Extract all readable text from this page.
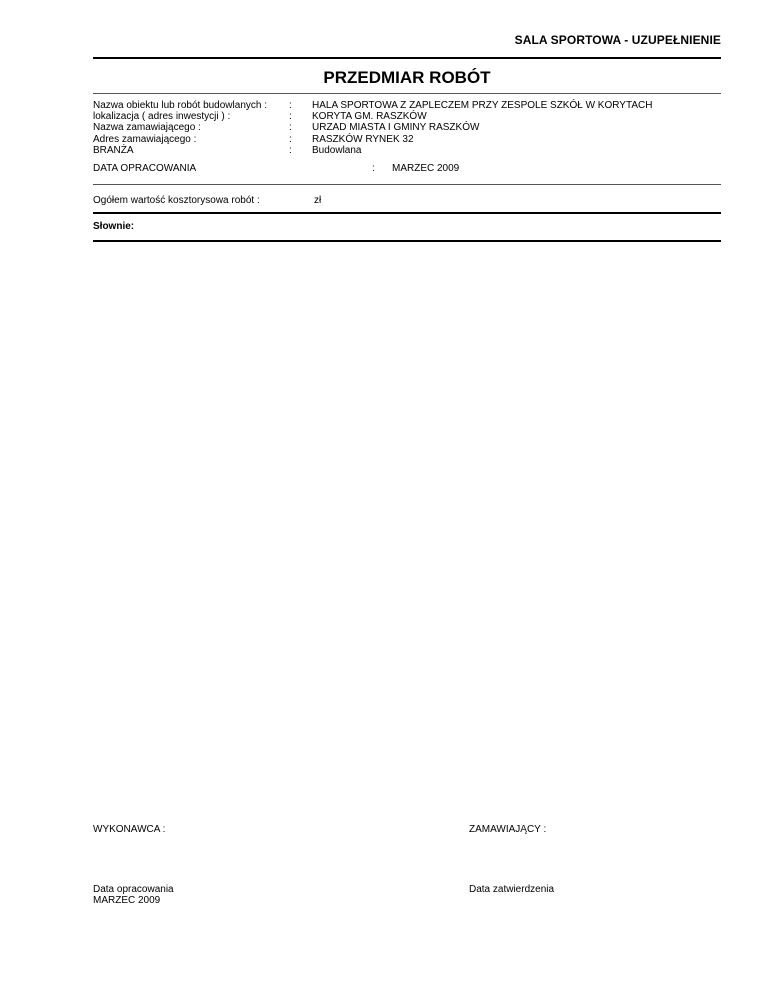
SALA SPORTOWA - UZUPEŁNIENIE
PRZEDMIAR ROBÓT
Nazwa obiektu lub robót budowlanych :	:	HALA SPORTOWA Z ZAPLECZEM PRZY ZESPOLE SZKÓŁ W KORYTACH
lokalizacja ( adres inwestycji ) :	:	KORYTA GM. RASZKÓW
Nazwa zamawiającego :	:	URZAD MIASTA I GMINY RASZKÓW
Adres zamawiającego :	:	RASZKÓW RYNEK 32
BRANŻA	:	Budowlana
DATA OPRACOWANIA	: MARZEC 2009
Ogółem wartość kosztorysowa robót :	zł
Słownie:
WYKONAWCA :	ZAMAWIAJĄCY :
Data opracowania
MARZEC 2009
Data zatwierdzenia
